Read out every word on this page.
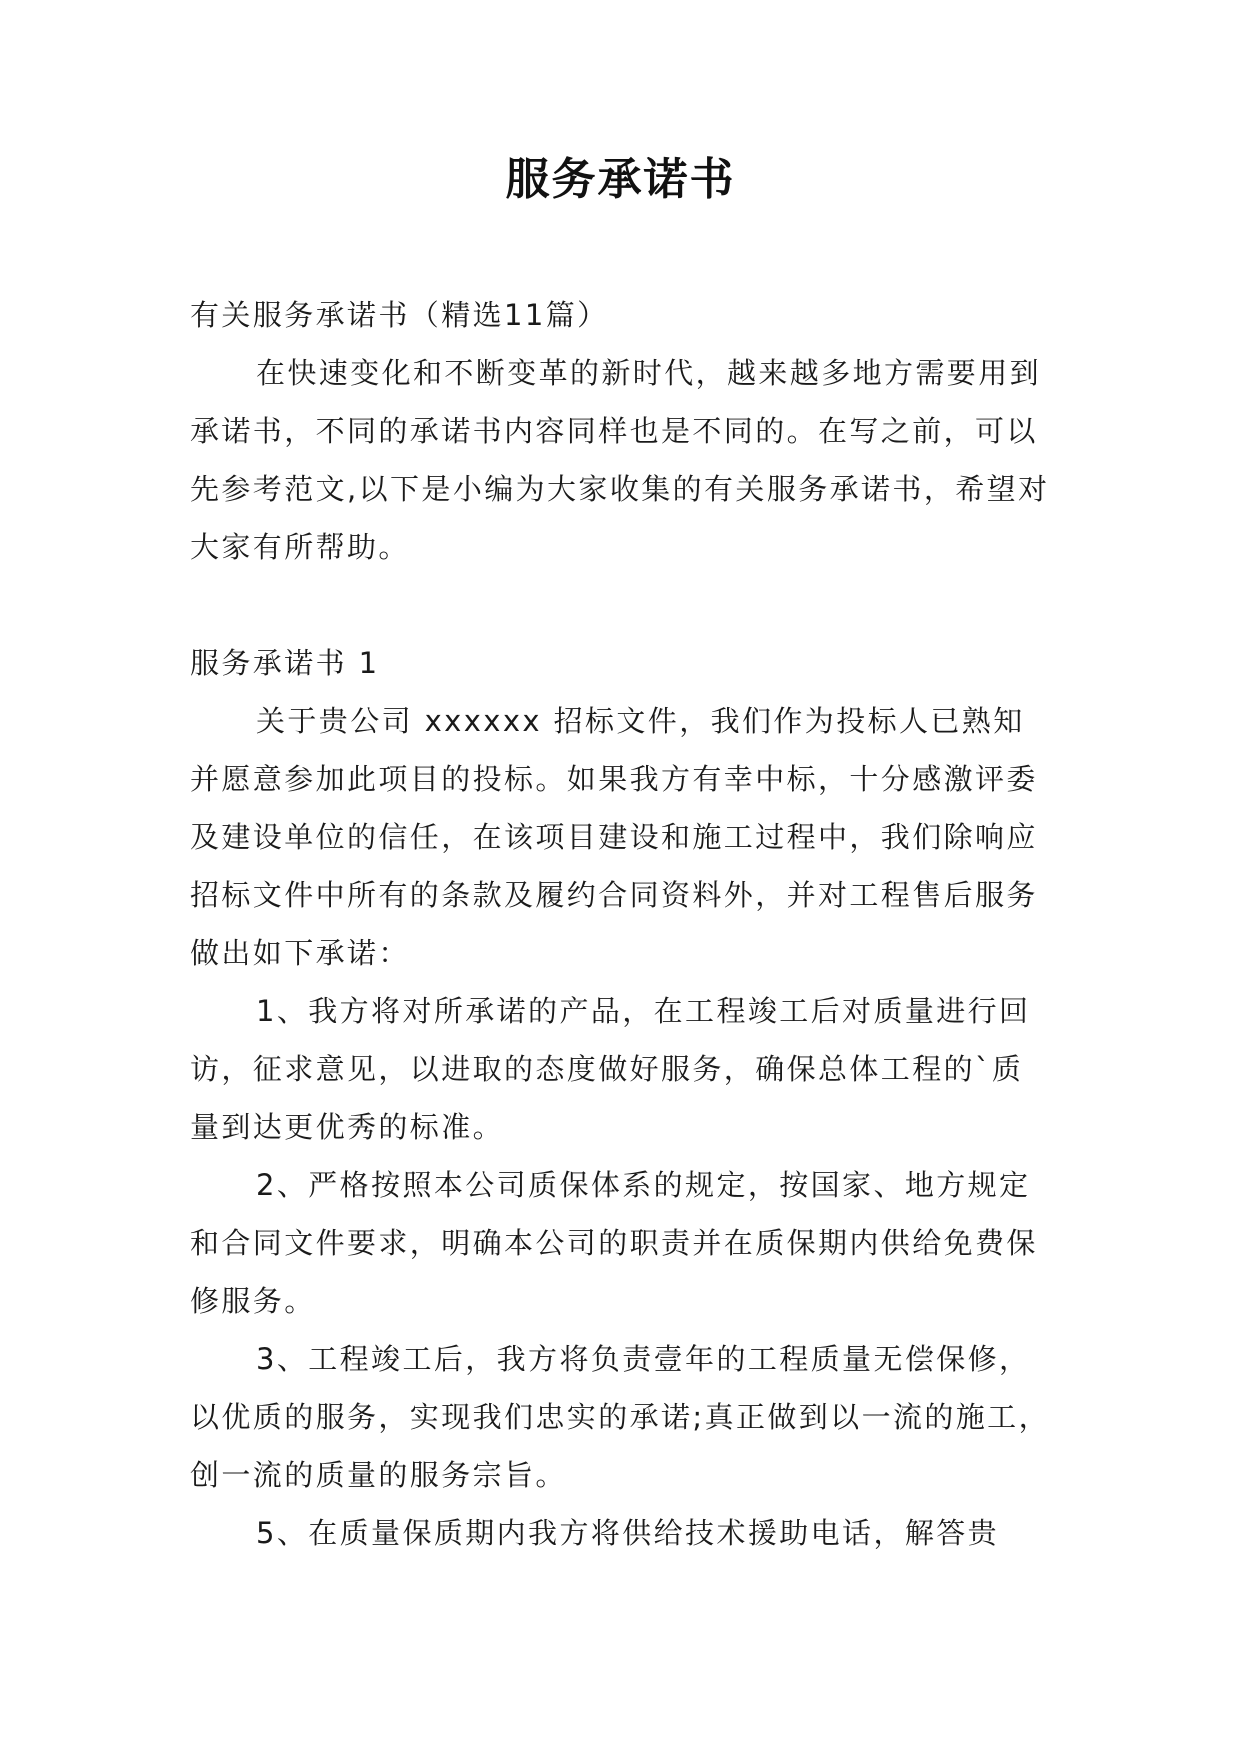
服务承诺书

有关服务承诺书（精选11篇）

在快速变化和不断变革的新时代，越来越多地方需要用到承诺书，不同的承诺书内容同样也是不同的。在写之前，可以先参考范文,以下是小编为大家收集的有关服务承诺书，希望对大家有所帮助。

服务承诺书 1

关于贵公司 xxxxxx 招标文件，我们作为投标人已熟知并愿意参加此项目的投标。如果我方有幸中标，十分感激评委及建设单位的信任，在该项目建设和施工过程中，我们除响应招标文件中所有的条款及履约合同资料外，并对工程售后服务做出如下承诺：

1、我方将对所承诺的产品，在工程竣工后对质量进行回访，征求意见，以进取的态度做好服务，确保总体工程的`质量到达更优秀的标准。

2、严格按照本公司质保体系的规定，按国家、地方规定和合同文件要求，明确本公司的职责并在质保期内供给免费保修服务。

3、工程竣工后，我方将负责壹年的工程质量无偿保修，以优质的服务，实现我们忠实的承诺;真正做到以一流的施工，创一流的质量的服务宗旨。

5、在质量保质期内我方将供给技术援助电话，解答贵
